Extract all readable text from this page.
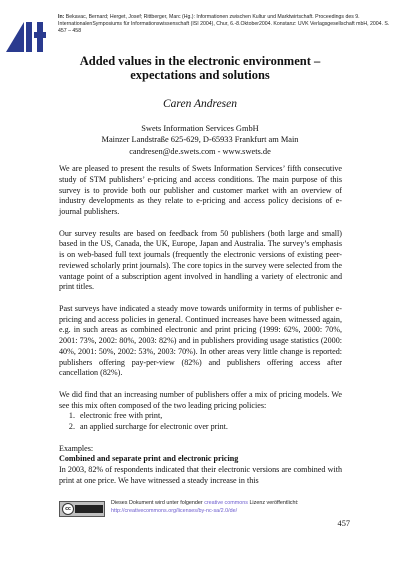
In: Bekavac, Bernard; Herget, Josef; Rittberger, Marc (Hg.): Informationen zwischen Kultur und Marktwirtschaft. Proceedings des 9. InternationalenSymposiums für Informationswissenschaft (ISI 2004), Chur, 6.-8.Oktober2004. Konstanz: UVK Verlagsgesellschaft mbH, 2004. S. 457 – 458
Added values in the electronic environment –
expectations and solutions
Caren Andresen
Swets Information Services GmbH
Mainzer Landstraße 625-629, D-65933 Frankfurt am Main
candresen@de.swets.com - www.swets.de

We are pleased to present the results of Swets Information Services’ fifth consecutive study of STM publishers’ e-pricing and access conditions. The main purpose of this survey is to provide both our publisher and customer market with an overview of industry developments as they relate to e-pricing and access policy decisions of e-journal publishers.

Our survey results are based on feedback from 50 publishers (both large and small) based in the US, Canada, the UK, Europe, Japan and Australia. The survey’s emphasis is on web-based full text journals (frequently the electronic versions of existing peer-reviewed scholarly print journals). The core topics in the survey were selected from the vantage point of a subscription agent involved in handling a variety of electronic and print titles.

Past surveys have indicated a steady move towards uniformity in terms of publisher e-pricing and access policies in general. Continued increases have been witnessed again, e.g. in such areas as combined electronic and print pricing (1999: 62%, 2000: 70%, 2001: 73%, 2002: 80%, 2003: 82%) and in publishers providing usage statistics (2000: 40%, 2001: 50%, 2002: 53%, 2003: 70%). In other areas very little change is reported: publishers offering pay-per-view (82%) and publishers offering access after cancellation (82%).

We did find that an increasing number of publishers offer a mix of pricing models. We see this mix often composed of the two leading pricing policies:

1. electronic free with print,
2. an applied surcharge for electronic over print.

Examples:

Combined and separate print and electronic pricing

In 2003, 82% of respondents indicated that their electronic versions are combined with print at one price. We have witnessed a steady increase in this

cc
Dieses Dokument wird unter folgender creative commons Lizenz veröffentlicht:
http://creativecommons.org/licenses/by-nc-sa/2.0/de/
457
